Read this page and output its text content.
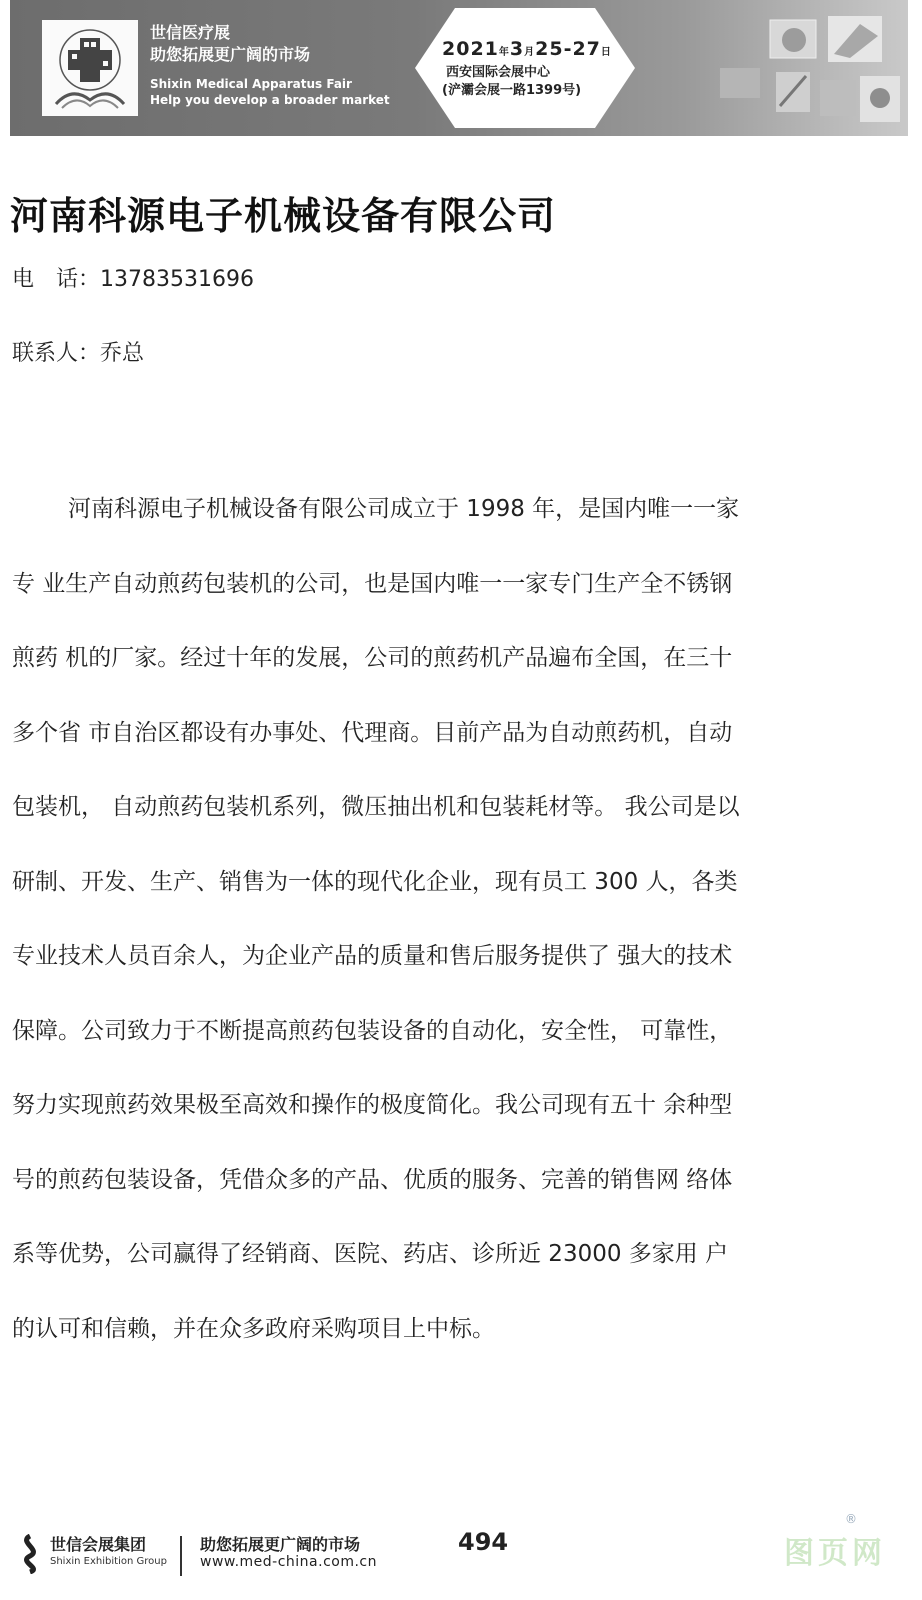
世信医疗展
助您拓展更广阔的市场
Shixin Medical Apparatus Fair
Help you develop a broader market
2021年3月25-27日
西安国际会展中心
(浐灞会展一路1399号)
河南科源电子机械设备有限公司
电　话：13783531696
联系人：乔总
河南科源电子机械设备有限公司成立于 1998 年，是国内唯一一家
专 业生产自动煎药包装机的公司，也是国内唯一一家专门生产全不锈钢
煎药 机的厂家。经过十年的发展，公司的煎药机产品遍布全国，在三十
多个省 市自治区都设有办事处、代理商。目前产品为自动煎药机，自动
包装机， 自动煎药包装机系列，微压抽出机和包装耗材等。 我公司是以
研制、开发、生产、销售为一体的现代化企业，现有员工 300 人，各类
专业技术人员百余人，为企业产品的质量和售后服务提供了 强大的技术
保障。公司致力于不断提高煎药包装设备的自动化，安全性， 可靠性，
努力实现煎药效果极至高效和操作的极度简化。我公司现有五十 余种型
号的煎药包装设备，凭借众多的产品、优质的服务、完善的销售网 络体
系等优势，公司赢得了经销商、医院、药店、诊所近 23000 多家用 户
的认可和信赖，并在众多政府采购项目上中标。
世信会展集团
Shixin Exhibition Group
助您拓展更广阔的市场
www.med-china.com.cn
494
®
图页网
